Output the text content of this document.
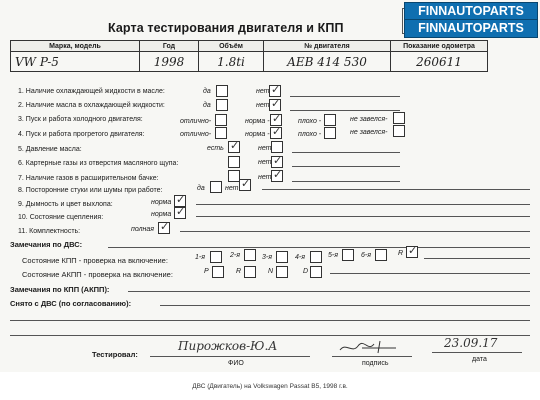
Карта тестирования двигателя и КПП
FINNAUTOPARTS
FINNAUTOPARTS
Марка, модель	Год	Объём	№ двигателя	Показание одометра
VW P-5	1998	1.8ti	AEB 414 530	260611
1. Наличие охлаждающей жидкости в масле:	да	нет ✓
2. Наличие масла в охлаждающей жидкости:	да	нет ✓
3. Пуск и работа холодного двигателя:	отлично-	норма - ✓ плохо -	не завелся-
4. Пуск и работа прогретого двигателя:	отлично-	норма - ✓ плохо -	не завелся-
5. Давление масла:	есть ✓	нет
6. Картерные газы из отверстия масляного щупа:	нет ✓
7. Наличие газов в расширительном бачке:	нет ✓
8. Посторонние стуки или шумы при работе:	да	нет ✓
9. Дымность и цвет выхлопа:	норма ✓
10. Состояние сцепления:	норма ✓
11. Комплектность:	полная ✓
Замечания по ДВС:
Состояние КПП - проверка на включение:	1-я	2-я	3-я	4-я	5-я	6-я	R ✓
Состояние АКПП - проверка на включение:	P	R	N	D
Замечания по КПП (АКПП):
Снято с ДВС (по согласованию):
Тестировал:
Пирожков-Ю.А
ФИО	подпись
23.09.17
дата
ДВС (Двигатель) на Volkswagen Passat B5, 1998 г.в.
